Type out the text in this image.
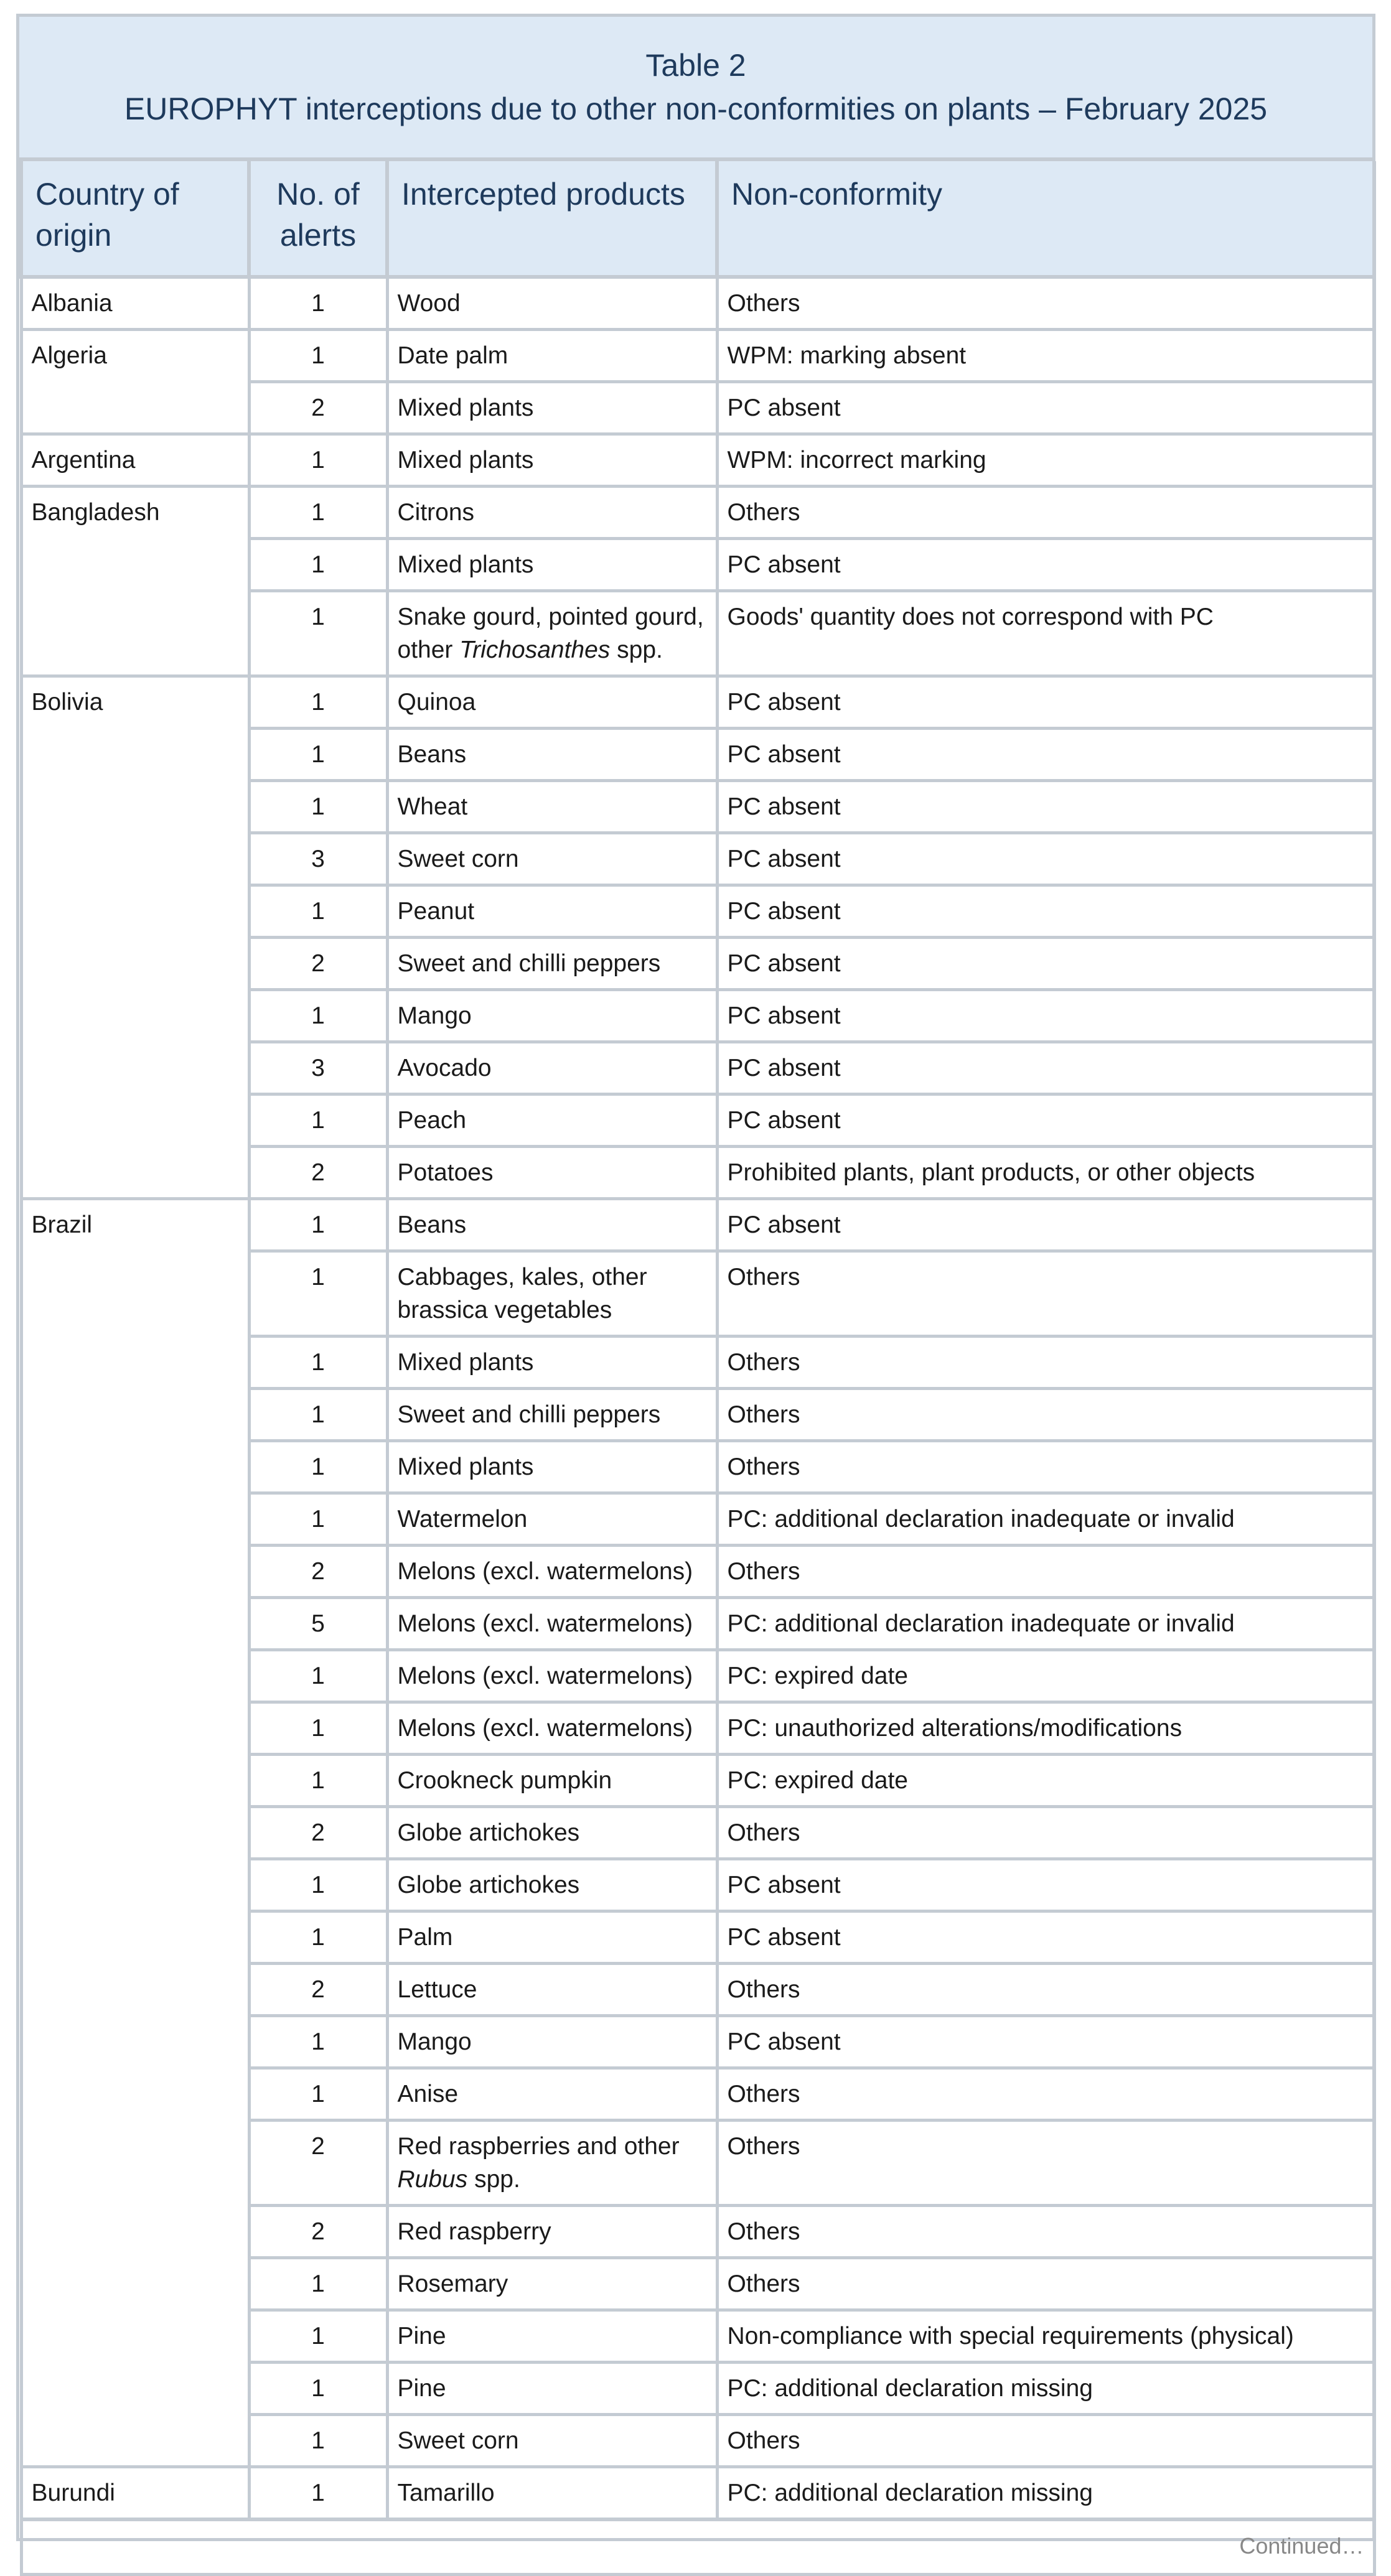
Table 2
EUROPHYT interceptions due to other non-conformities on plants – February 2025
Country of origin	No. of alerts	Intercepted products	Non-conformity
Albania	1	Wood	Others
Algeria	1	Date palm	WPM: marking absent
	2	Mixed plants	PC absent
Argentina	1	Mixed plants	WPM: incorrect marking
Bangladesh	1	Citrons	Others
	1	Mixed plants	PC absent
	1	Snake gourd, pointed gourd, other Trichosanthes spp.	Goods' quantity does not correspond with PC
Bolivia	1	Quinoa	PC absent
	1	Beans	PC absent
	1	Wheat	PC absent
	3	Sweet corn	PC absent
	1	Peanut	PC absent
	2	Sweet and chilli peppers	PC absent
	1	Mango	PC absent
	3	Avocado	PC absent
	1	Peach	PC absent
	2	Potatoes	Prohibited plants, plant products, or other objects
Brazil	1	Beans	PC absent
	1	Cabbages, kales, other brassica vegetables	Others
	1	Mixed plants	Others
	1	Sweet and chilli peppers	Others
	1	Mixed plants	Others
	1	Watermelon	PC: additional declaration inadequate or invalid
	2	Melons (excl. watermelons)	Others
	5	Melons (excl. watermelons)	PC: additional declaration inadequate or invalid
	1	Melons (excl. watermelons)	PC: expired date
	1	Melons (excl. watermelons)	PC: unauthorized alterations/modifications
	1	Crookneck pumpkin	PC: expired date
	2	Globe artichokes	Others
	1	Globe artichokes	PC absent
	1	Palm	PC absent
	2	Lettuce	Others
	1	Mango	PC absent
	1	Anise	Others
	2	Red raspberries and other Rubus spp.	Others
	2	Red raspberry	Others
	1	Rosemary	Others
	1	Pine	Non-compliance with special requirements (physical)
	1	Pine	PC: additional declaration missing
	1	Sweet corn	Others
Burundi	1	Tamarillo	PC: additional declaration missing
Continued…			
